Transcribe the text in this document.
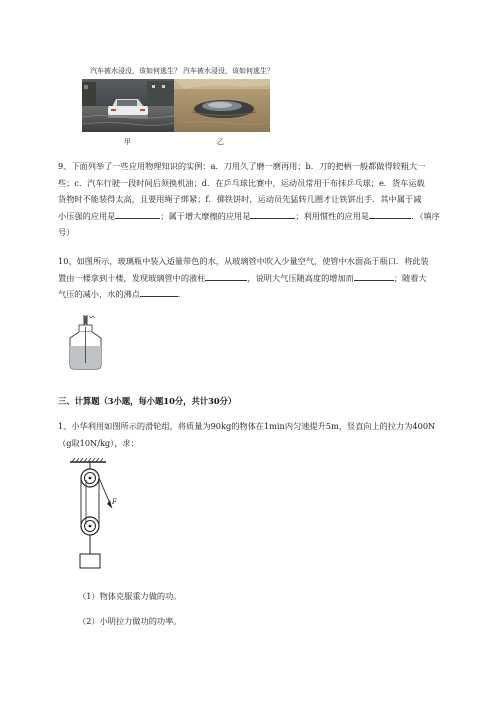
汽车被水浸没，该如何逃生？ 汽车被水浸没，该如何逃生？
甲	乙
9、下面列举了一些应用物理知识的实例：a．刀用久了磨一磨再用；b．刀的把柄一般都做得较粗大一
些；c．汽车行驶一段时间后须换机油；d．在乒乓球比赛中，运动员常用干布抹乒乓球；e．货车运载
货物时不能装得太高，且要用绳子绑紧；f．掷铁饼时，运动员先猛转几圈才让铁饼出手．其中属于减
小压强的应用是	；属于增大摩擦的应用是	；利用惯性的应用是	．（填序
号）
10、如图所示，玻璃瓶中装入适量带色的水，从玻璃管中吹入少量空气，使管中水面高于瓶口．将此装
置由一楼拿到十楼，发现玻璃管中的液柱	，说明大气压随高度的增加而	；随着大
气压的减小，水的沸点	．
三、计算题（3小题，每小题10分，共计30分）
1、小华利用如图所示的滑轮组，将质量为90kg的物体在1min内匀速提升5m，竖直向上的拉力为400N
（g取10N/kg），求：
F
（1）物体克服重力做的功。
（2）小明拉力做功的功率。
